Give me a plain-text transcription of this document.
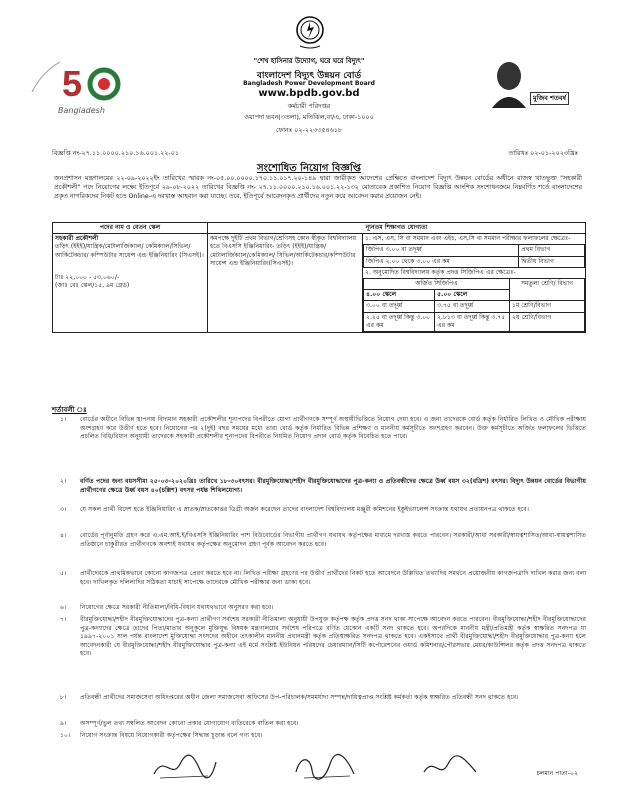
5
Bangladesh
মুজিব শতবর্ষ
"শেখ হাসিনার উদ্যোগ, ঘরে ঘরে বিদ্যুৎ"
বাংলাদেশ বিদ্যুৎ উন্নয়ন বোর্ড
Bangladesh Power Development Board
www.bpdb.gov.bd
কর্মচারী পরিদপ্তর
ওয়াপদা ভবন(৩তলা), মতিঝিল,বা/এ, ঢাকা-১০০০
ফোনঃ ০২-২২৩৩৫৪৬১৮
বিজ্ঞপ্তি নং-২৭.১১.০০০০.২১০.১৬.০০১.২২-০১	তারিখঃ ০২-০১-২০২৩খ্রিঃ
সংশোধিত নিয়োগ বিজ্ঞপ্তি
জনপ্রশাসন মন্ত্রণালয়ের ২২-০৯-২০২২ইং তারিখের স্মারক নং-০৫.০০.০০০০.১৭০.১১.০১৭.২০-১৪৯ দ্বারা জারীকৃত আদেশের প্রেক্ষিতে বাংলাদেশ বিদ্যুৎ উন্নয়ন বোর্ডের অধীনে রাজস্ব খাতভুক্ত "সহকারী প্রকৌশলী" পদে নিয়োগের লক্ষ্যে ইতিপূর্বে ২৯-০৮-২০২২ তারিখের বিজ্ঞপ্তি নং- ২৭.১১.০০০০.২১০.১৬.০০১.২২-১৩২ মোতাবেক প্রকাশিত নিয়োগ বিজ্ঞপ্তি আংশিক সংশোধনক্রমে নিম্নবর্ণিত শর্তে বাংলাদেশের প্রকৃত নাগরিকদের নিকট হতে Online-এ দরখাস্ত আহবান করা যাচ্ছে। তবে, ইতিপূর্বে আবেদনকৃত প্রার্থীদের নতুন করে আবেদন করার প্রয়োজন নেই।
পদের নাম ও বেতন স্কেল	ন্যূনতম শিক্ষাগত যোগ্যতা

সহকারী প্রকৌশলী
তড়িৎ (ইইই)/যান্ত্রিক/মেটালার্জিক্যাল/ কেমিক্যাল/সিভিল/আর্কিটেকচার/ কম্পিউটার সায়েন্স এন্ড ইঞ্জিনিয়ারিং (সিএসই)।
টাঃ ২২,০০০ - ৫৩,০৬০/-
(জাঃ বেঃ স্কেল/১৫, ৯ম গ্রেড)
	কমপক্ষে দুইটি প্রথম বিভাগ/শ্রেণিসহ কোন স্বীকৃত বিশ্ববিদ্যালয় হতে বিএসসি ইঞ্জিনিয়ারিং- তড়িৎ (ইইই)/যান্ত্রিক/মেটালার্জিক্যাল/কেমিক্যাল/ সিভিল/আর্কিটেকচার/কম্পিউটার সায়েন্স এন্ড ইঞ্জিনিয়ারিং(সিএসই)।	
১. এস, এস, সি বা সমমান এবং এইচ, এস,সি বা সমমান পরীক্ষার ফলাফলের ক্ষেত্রেঃ-
জিপিএ ৩.০০ বা তদূর্ধ্ব	প্রথম বিভাগ
জিপিএ ২.০০ থেকে ৩.০০ এর কম	দ্বিতীয় বিভাগ
২. অনুমোদিত বিশ্ববিদ্যালয় কর্তৃক প্রদত্ত সিজিপিএ এর ক্ষেত্রেঃ-
অর্জিত সিজিপিএ	সমতুল্য শ্রেণি/ বিভাগ
৪.০০ স্কেলে	৫.০০ স্কেলে
৩.০০ বা তদূর্ধ্ব	৩.৭৫ বা তদূর্ধ্ব	১ম শ্রেণি/বিভাগ
২.২৫ বা তদূর্ধ্ব কিন্তু ৩.০০ এর কম	২.৮১৩ বা তদূর্ধ্ব কিন্তু ৩.৭৫ এর কম	২য় শ্রেণি/বিভাগ
শর্তাবলী ঃ
১।	বোর্ডের অধীনে বিভিন্ন স্থাপনায় বিদ্যমান সহকারী প্রকৌশলীর শূন্যপদের বিপরীতে যোগ্য প্রার্থীগণকে সম্পূর্ণ অস্থায়ীভিত্তিতে নিয়োগ দেয়া হবে। এ জন্য তাদেরকে বোর্ড কর্তৃক নির্ধারিত লিখিত ও মৌখিক পরীক্ষায় অংশগ্রহণ করে উত্তীর্ণ হতে হবে। নিয়োগের পর ২(দুই) বছর সময়ের মধ্যে তারা বোর্ড কর্তৃক নির্ধারিত বিভিন্ন প্রশিক্ষণ ও মাননীয় কর্মসূচীতে অংশগ্রহণ করবেন। উক্ত কর্মসূচীতে অর্জিত ফলাফলের ভিত্তিতে প্রচলিত বিধি/বিধান অনুযায়ী তাদেরকে সহকারী প্রকৌশলীর শূন্যপদের বিপরীতে নিয়মিত নিয়োগ প্রদান বোর্ড কর্তৃক বিবেচিত হতে পারে।
২।	বর্ণিত পদের জন্য বয়সসীমা ২৫-০৩-২০২০খ্রিঃ তারিখে ১৮-৩০বৎসর। বীরমুক্তিযোদ্ধা/শহীদ বীরমুক্তিযোদ্ধাদের পুত্র-কন্যা ও প্রতিবন্ধীদের ক্ষেত্রে উর্ধ্ব বয়স ৩২(বত্রিশ) বৎসর। বিদ্যুৎ উন্নয়ন বোর্ডের বিভাগীয় প্রার্থীগণের ক্ষেত্রে উর্ধ্ব বয়স ৪০(চল্লিশ) বৎসর পর্যন্ত শিথিলযোগ্য।
৩।	যে সকল প্রার্থী বিদেশ হতে ইঞ্জিনিয়ারিং এ স্নাতক/স্নাতকোত্তর ডিগ্রী অর্জন করেছেন তাদের বাংলাদেশ বিশ্ববিদ্যালয় মঞ্জুরী কমিশনের ইকুইভ্যালেন্স সংক্রান্ত যথাযথ প্রত্যয়নপত্র থাকতে হবে।
৪।	বোর্ডের পূর্বানুমতি গ্রহণ করে এ.এম.আই.ই/বিএসসি ইঞ্জিনিয়ারিং পাশ বিউবোর্ডের বিভাগীয় প্রার্থীগণ যথাযথ কর্তৃপক্ষের মাধ্যমে দরখাস্ত করতে পারবেন। সরকারী/আধা সরকারী/স্বায়ত্বশাসিত/আধা-স্বায়ত্বশাসিত প্রতিষ্ঠানে চাকুরীরত প্রার্থীগণকে অবশ্যই যথাযথ কর্তৃপক্ষের অনুমোদন গ্রহণ পূর্বক আবেদন করতে হবে।
৫।	প্রার্থীদেরকে প্রাথমিকভাবে কোনো কাগজপত্র প্রেরণ করতে হবে না। লিখিত পরীক্ষা গ্রহণের পর উত্তীর্ণ প্রার্থীদের নিকট হতে আবেদনে উল্লিখিত তথ্যাদির সমর্থনে প্রয়োজনীয় কাগজপত্রাদি দাখিল করার জন্য বলা হবে। দাখিলকৃত দলিলাদির সঠিকতা যাচাই সাপেক্ষে তাদেরকে মৌখিক পরীক্ষার জন্য ডাকা হবে।
৬।	নিয়োগের ক্ষেত্রে সরকারী নীতিমালা/বিধি-বিধান যথাযথভাবে অনুসরণ করা হবে।
৭।	বীরমুক্তিযোদ্ধা/শহীদ বীরমুক্তিযোদ্ধাদের পুত্র-কন্যা প্রার্থীগণ সর্বশেষ সরকারী নীতিমালা অনুযায়ী উপযুক্ত কর্তৃপক্ষ কর্তৃক প্রদত্ত সনদ থাকা সাপেক্ষে আবেদন করতে পারবেন। বীরমুক্তিযোদ্ধা/শহীদ বীরমুক্তিযোদ্ধাদের পুত্র-কন্যাদের ক্ষেত্রে তাদের পিতা/মাতার অনুকূলে মুক্তিযুদ্ধ বিষয়ক মন্ত্রণালয়ের সর্বশেষ পরিপত্রে বর্ণিত যেকোন একটি সনদ থাকতে হবে। অপরদিকে মাননীয় মন্ত্রী/প্রতিমন্ত্রী কর্তৃক স্বাক্ষরিত সনদপত্র যা ১৯৯৭-২০০১ সাল পর্যন্ত বাংলাদেশ মুক্তিযোদ্ধা সংসদের অধীনে তৎকালীন মাননীয় প্রধানমন্ত্রী কর্তৃক প্রতিস্বাক্ষরিত সনদপত্র থাকতে হবে। একইসাথে প্রার্থী বীরমুক্তিযোদ্ধা/শহীদ বীরমুক্তিযোদ্ধার পুত্র-কন্যা হলে আবেদনকারী যে বীরমুক্তিযোদ্ধা/শহীদ বীরমুক্তিযোদ্ধার পুত্র-কন্যা এই মর্মে সংশ্লিষ্ট ইউনিয়ন পরিষদের চেয়ারম্যান/সিটি কর্পোরেশনের ওয়ার্ড কমিশনার/পৌরসভার মেয়র/কাউন্সিলর কর্তৃক প্রদত্ত সনদপত্র থাকতে হবে।
৮।	প্রতিবন্ধী প্রার্থীদের সমাজসেবা অধিদপ্তরের অধীন জেলা সমাজসেবা অফিসের উপ-পরিচালক/সমমর্যাদা সম্পন্ন/দায়িত্বপ্রাপ্ত সংশ্লিষ্ট কর্মকর্তা কর্তৃক স্বাক্ষরিত প্রতিবন্ধী সনদ থাকতে হবে।
৯।	অসম্পূর্ণ/ভুল তথ্য সম্বলিত আবেদন কোনো প্রকার যোগাযোগ ব্যতিরেকে বাতিল করা হবে।
১০।	নিয়োগ সংক্রান্ত বিষয়ে নিয়োগকারী কর্তৃপক্ষের সিদ্ধান্ত চূড়ান্ত বলে গণ্য হবে।
চলমান পাতা-০২
